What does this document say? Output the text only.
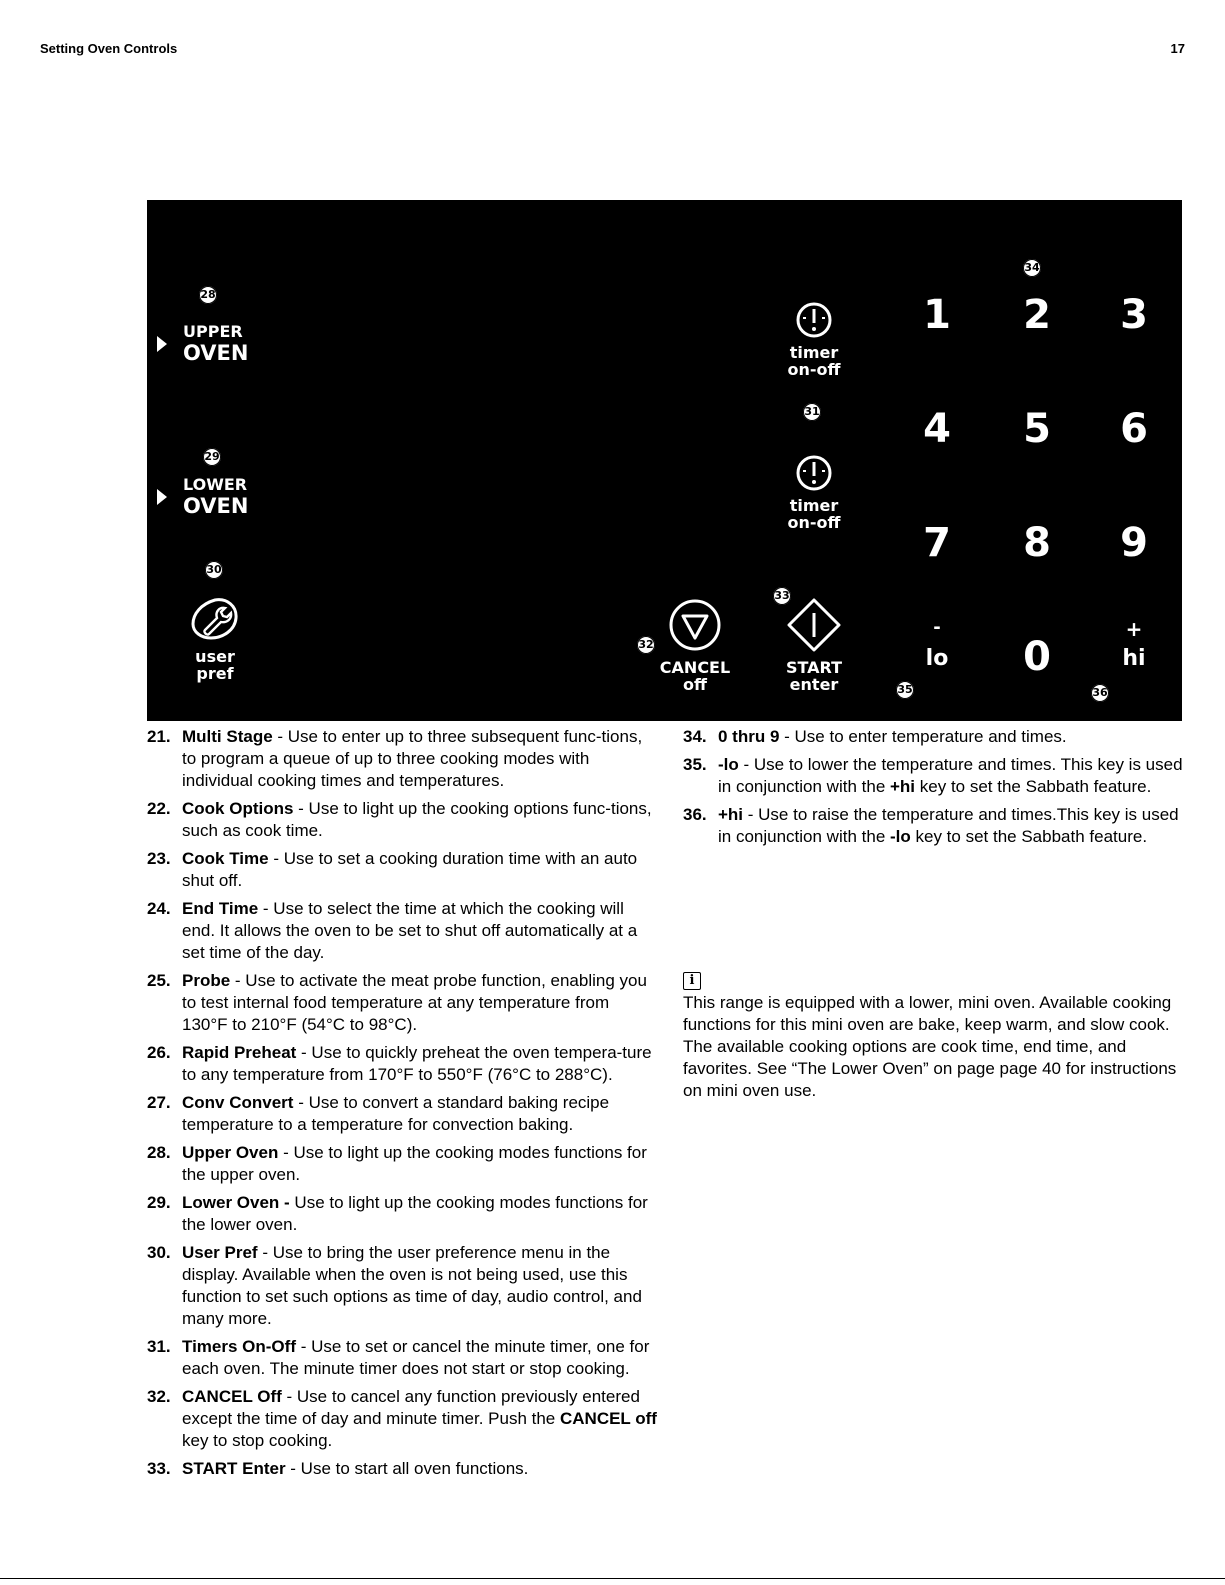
Setting Oven Controls	17
28
29
30
31
32
33
34
35	36
UPPER
OVEN
LOWER
OVEN
user
pref
timer
on-off
timer
on-off
CANCEL
off
START
enter
1	2	3
4	5	6
7	8	9
0
-
lo
+
hi
21. Multi Stage - Use to enter up to three subsequent func-tions, to program a queue of up to three cooking modes with individual cooking times and temperatures.
22. Cook Options - Use to light up the cooking options func-tions, such as cook time.
23. Cook Time - Use to set a cooking duration time with an auto shut off.
24. End Time - Use to select the time at which the cooking will end. It allows the oven to be set to shut off automatically at a set time of the day.
25. Probe - Use to activate the meat probe function, enabling you to test internal food temperature at any temperature from 130°F to 210°F (54°C to 98°C).
26. Rapid Preheat - Use to quickly preheat the oven tempera-ture to any temperature from 170°F to 550°F (76°C to 288°C).
27. Conv Convert - Use to convert a standard baking recipe temperature to a temperature for convection baking.
28. Upper Oven - Use to light up the cooking modes functions for the upper oven.
29. Lower Oven - Use to light up the cooking modes functions for the lower oven.
30. User Pref - Use to bring the user preference menu in the display. Available when the oven is not being used, use this function to set such options as time of day, audio control, and many more.
31. Timers On-Off - Use to set or cancel the minute timer, one for each oven. The minute timer does not start or stop cooking.
32. CANCEL Off - Use to cancel any function previously entered except the time of day and minute timer. Push the CANCEL off key to stop cooking.
33. START Enter - Use to start all oven functions.
34. 0 thru 9 - Use to enter temperature and times.
35. -lo - Use to lower the temperature and times. This key is used in conjunction with the +hi key to set the Sabbath feature.
36. +hi - Use to raise the temperature and times.This key is used in conjunction with the -lo key to set the Sabbath feature.
i
This range is equipped with a lower, mini oven. Available cooking functions for this mini oven are bake, keep warm, and slow cook. The available cooking options are cook time, end time, and favorites. See “The Lower Oven” on page page 40 for instructions on mini oven use.
